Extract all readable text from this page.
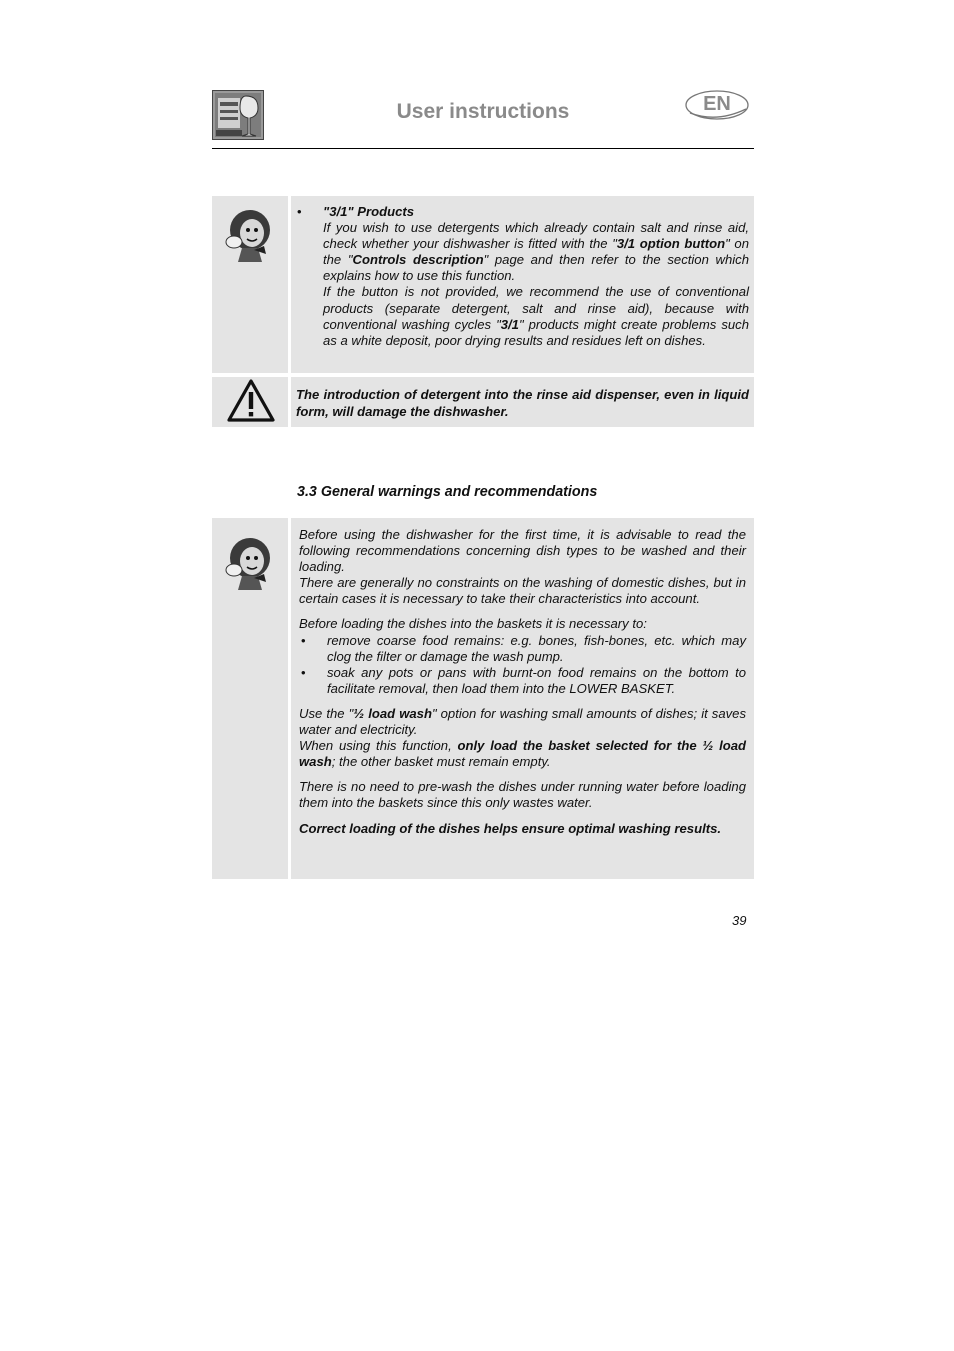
User instructions	EN
• "3/1" Products

If you wish to use detergents which already contain salt and rinse aid, check whether your dishwasher is fitted with the "3/1 option button" on the "Controls description" page and then refer to the section which explains how to use this function.

If the button is not provided, we recommend the use of conventional products (separate detergent, salt and rinse aid), because with conventional washing cycles "3/1" products might create problems such as a white deposit, poor drying results and residues left on dishes.

The introduction of detergent into the rinse aid dispenser, even in liquid form, will damage the dishwasher.
3.3 General warnings and recommendations

Before using the dishwasher for the first time, it is advisable to read the following recommendations concerning dish types to be washed and their loading.

There are generally no constraints on the washing of domestic dishes, but in certain cases it is necessary to take their characteristics into account.

Before loading the dishes into the baskets it is necessary to:

• remove coarse food remains: e.g. bones, fish-bones, etc. which may clog the filter or damage the wash pump.

• soak any pots or pans with burnt-on food remains on the bottom to facilitate removal, then load them into the LOWER BASKET.

Use the "½ load wash" option for washing small amounts of dishes; it saves water and electricity.

When using this function, only load the basket selected for the ½ load wash; the other basket must remain empty.

There is no need to pre-wash the dishes under running water before loading them into the baskets since this only wastes water.

Correct loading of the dishes helps ensure optimal washing results.

39
